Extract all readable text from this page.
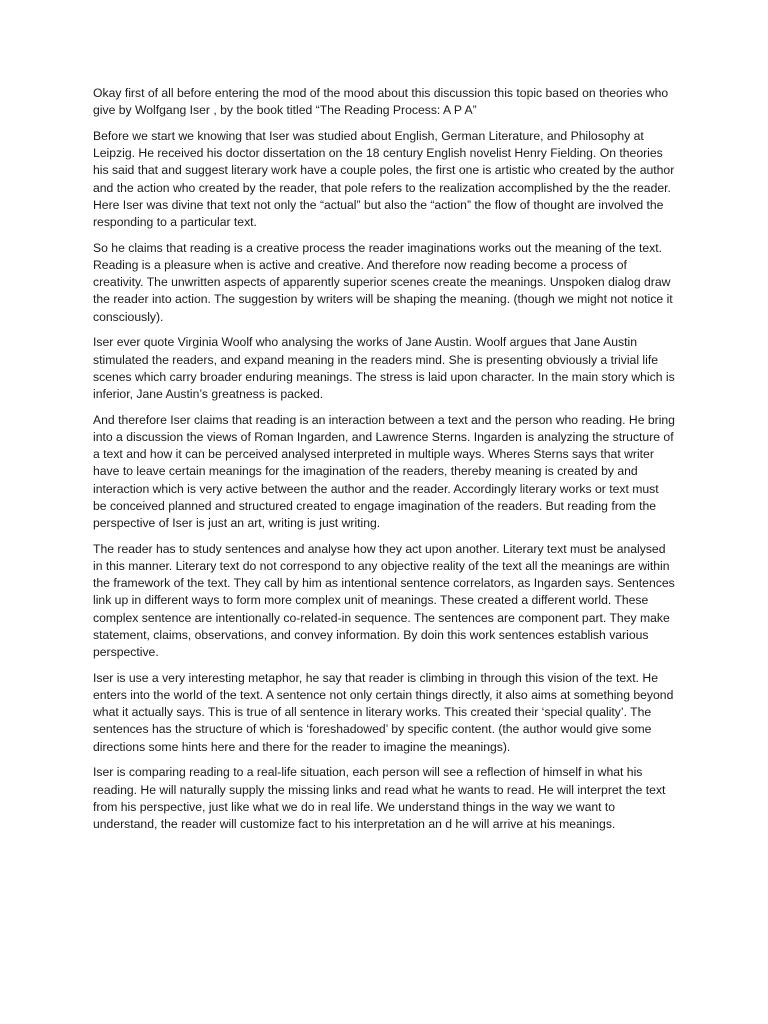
Okay first of all before entering the mod of the mood about this discussion this topic based on theories who give by Wolfgang Iser , by the book titled “The Reading Process: A P A”

Before we start we knowing that Iser was studied about English, German Literature, and Philosophy at Leipzig. He received his doctor dissertation on the 18 century English novelist Henry Fielding. On theories his said that and suggest literary work have a couple poles, the first one is artistic who created by the author and the action who created by the reader, that pole refers to the realization accomplished by the the reader. Here Iser was divine that text not only the “actual” but also the “action” the flow of thought are involved the responding to a particular text.

So he claims that reading is a creative process the reader imaginations works out the meaning of the text. Reading is a pleasure when is active and creative. And therefore now reading become a process of creativity. The unwritten aspects of apparently superior scenes create the meanings. Unspoken dialog draw the reader into action. The suggestion by writers will be shaping the meaning. (though we might not notice it consciously).

Iser ever quote Virginia Woolf who analysing the works of Jane Austin. Woolf argues that Jane Austin stimulated the readers, and expand meaning in the readers mind. She is presenting obviously a trivial life scenes which carry broader enduring meanings. The stress is laid upon character. In the main story which is inferior, Jane Austin’s greatness is packed.

And therefore Iser claims that reading is an interaction between a text and the person who reading. He bring into a discussion the views of Roman Ingarden, and Lawrence Sterns. Ingarden is analyzing the structure of a text and how it can be perceived analysed interpreted in multiple ways. Wheres Sterns says that writer have to leave certain meanings for the imagination of the readers, thereby meaning is created by and interaction which is very active between the author and the reader. Accordingly literary works or text must be conceived planned and structured created to engage imagination of the readers. But reading from the perspective of Iser is just an art, writing is just writing.

The reader has to study sentences and analyse how they act upon another. Literary text must be analysed in this manner. Literary text do not correspond to any objective reality of the text all the meanings are within the framework of the text. They call by him as intentional sentence correlators, as Ingarden says. Sentences link up in different ways to form more complex unit of meanings. These created a different world. These complex sentence are intentionally co-related-in sequence. The sentences are component part. They make statement, claims, observations, and convey information. By doin this work sentences establish various perspective.

Iser is use a very interesting metaphor, he say that reader is climbing in through this vision of the text. He enters into the world of the text. A sentence not only certain things directly, it also aims at something beyond what it actually says. This is true of all sentence in literary works. This created their ‘special quality’. The sentences has the structure of which is ‘foreshadowed’ by specific content. (the author would give some directions some hints here and there for the reader to imagine the meanings).

Iser is comparing reading to a real-life situation, each person will see a reflection of himself in what his reading. He will naturally supply the missing links and read what he wants to read. He will interpret the text from his perspective, just like what we do in real life. We understand things in the way we want to understand, the reader will customize fact to his interpretation an d he will arrive at his meanings.
